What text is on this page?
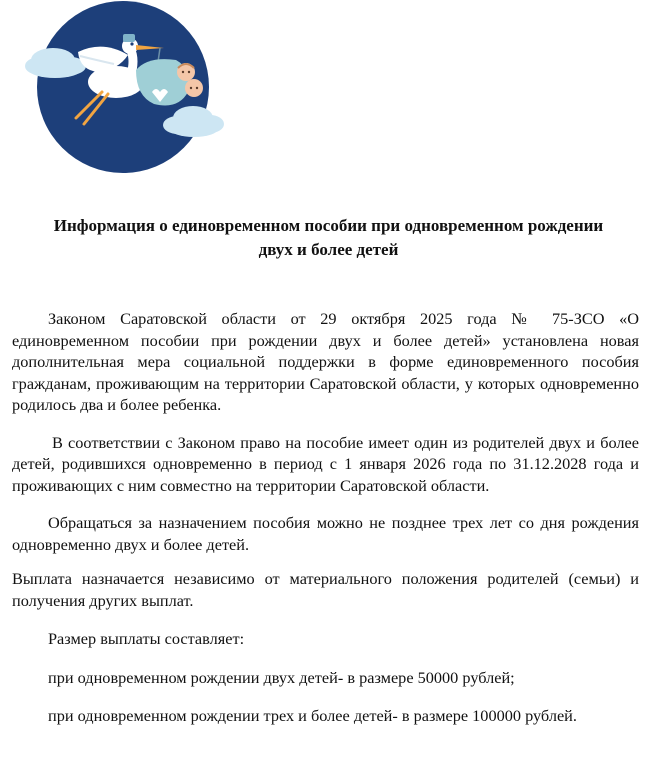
Информация о единовременном пособии при одновременном рождении
двух и более детей

Законом Саратовской области от 29 октября 2025 года № 75-ЗСО «О единовременном пособии при рождении двух и более детей» установлена новая дополнительная мера социальной поддержки в форме единовременного пособия гражданам, проживающим на территории Саратовской области, у которых одновременно родилось два и более ребенка.

В соответствии с Законом право на пособие имеет один из родителей двух и более детей, родившихся одновременно в период с 1 января 2026 года по 31.12.2028 года и проживающих с ним совместно на территории Саратовской области.

Обращаться за назначением пособия можно не позднее трех лет со дня рождения одновременно двух и более детей.

Выплата назначается независимо от материального положения родителей (семьи) и получения других выплат.

Размер выплаты составляет:

при одновременном рождении двух детей- в размере 50000 рублей;

при одновременном рождении трех и более детей- в размере 100000 рублей.
